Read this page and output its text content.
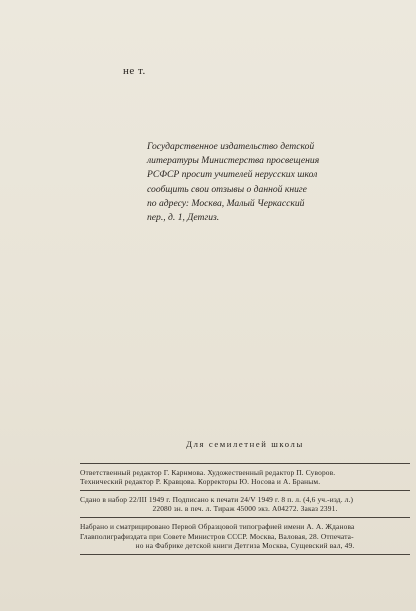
не т.
Государственное издательство детской
литературы Министерства просвещения
РСФСР просит учителей нерусских школ
сообщить свои отзывы о данной книге
по адресу: Москва, Малый Черкасский
пер., д. 1, Детгиз.
Для семилетней школы
Ответственный редактор Г. Карнмова. Художественный редактор П. Суворов.
Технический редактор Р. Кравцова. Корректоры Ю. Носова и А. Браным.
Сдано в набор 22/III 1949 г. Подписано к печати 24/V 1949 г. 8 п. л. (4,6 уч.-изд. л.)
22080 зн. в печ. л. Тираж 45000 экз. А04272. Заказ 2391.
Набрано и сматрицировано Первой Образцовой типографией имени А. А. Жданова
Главполиграфиздата при Совете Министров СССР. Москва, Валовая, 28. Отпечата-
но на Фабрике детской книги Детгиза Москва, Сущевский вал, 49.
